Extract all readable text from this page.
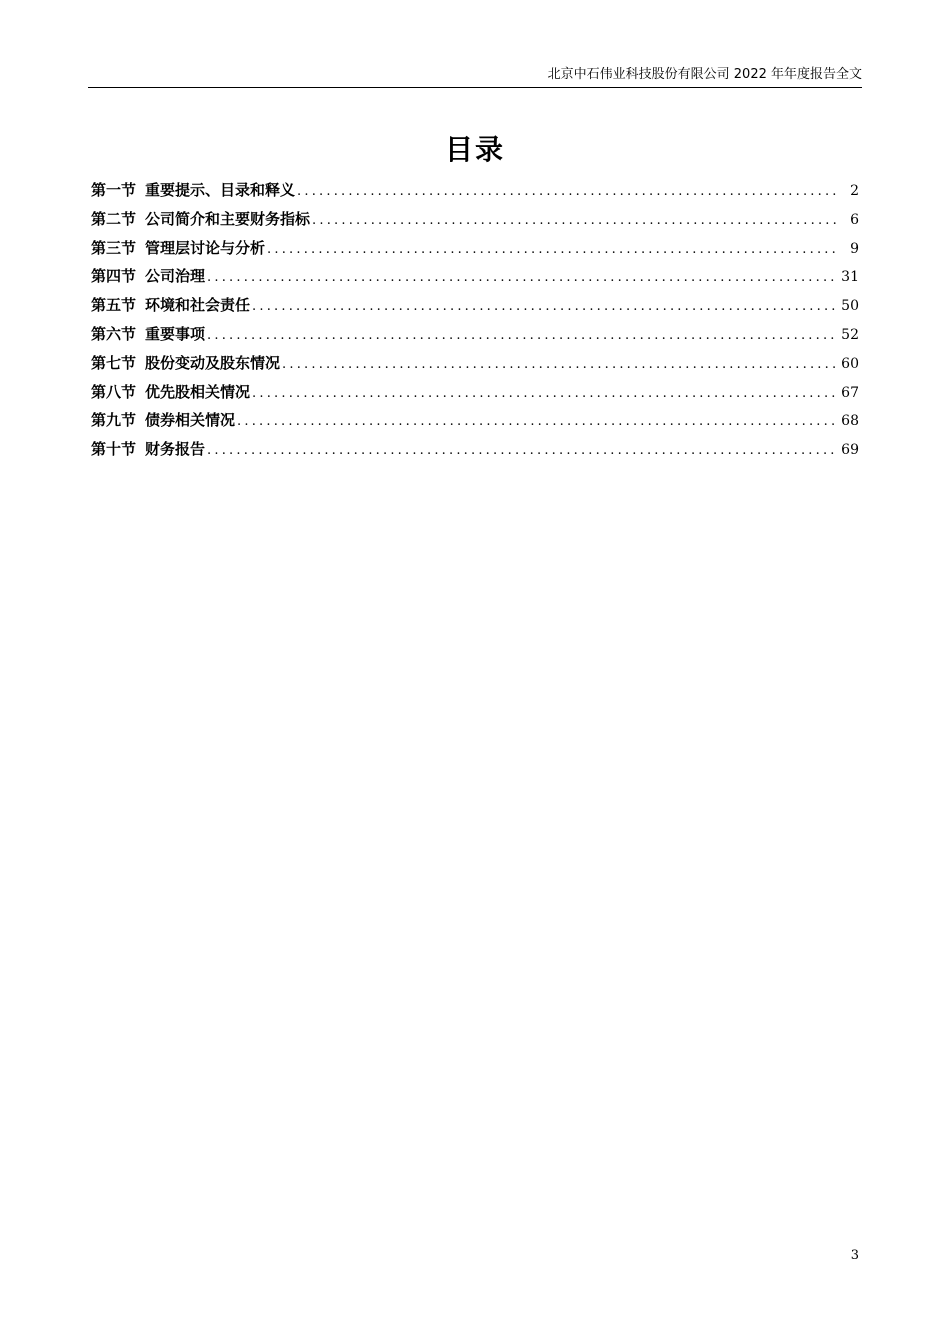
北京中石伟业科技股份有限公司 2022 年年度报告全文
目录
第一节 重要提示、目录和释义 .....	2
第二节 公司简介和主要财务指标 .....	6
第三节 管理层讨论与分析 .....	9
第四节 公司治理 .....	31
第五节 环境和社会责任 .....	50
第六节 重要事项 .....	52
第七节 股份变动及股东情况 .....	60
第八节 优先股相关情况 .....	67
第九节 债券相关情况 .....	68
第十节 财务报告 .....	69
3
